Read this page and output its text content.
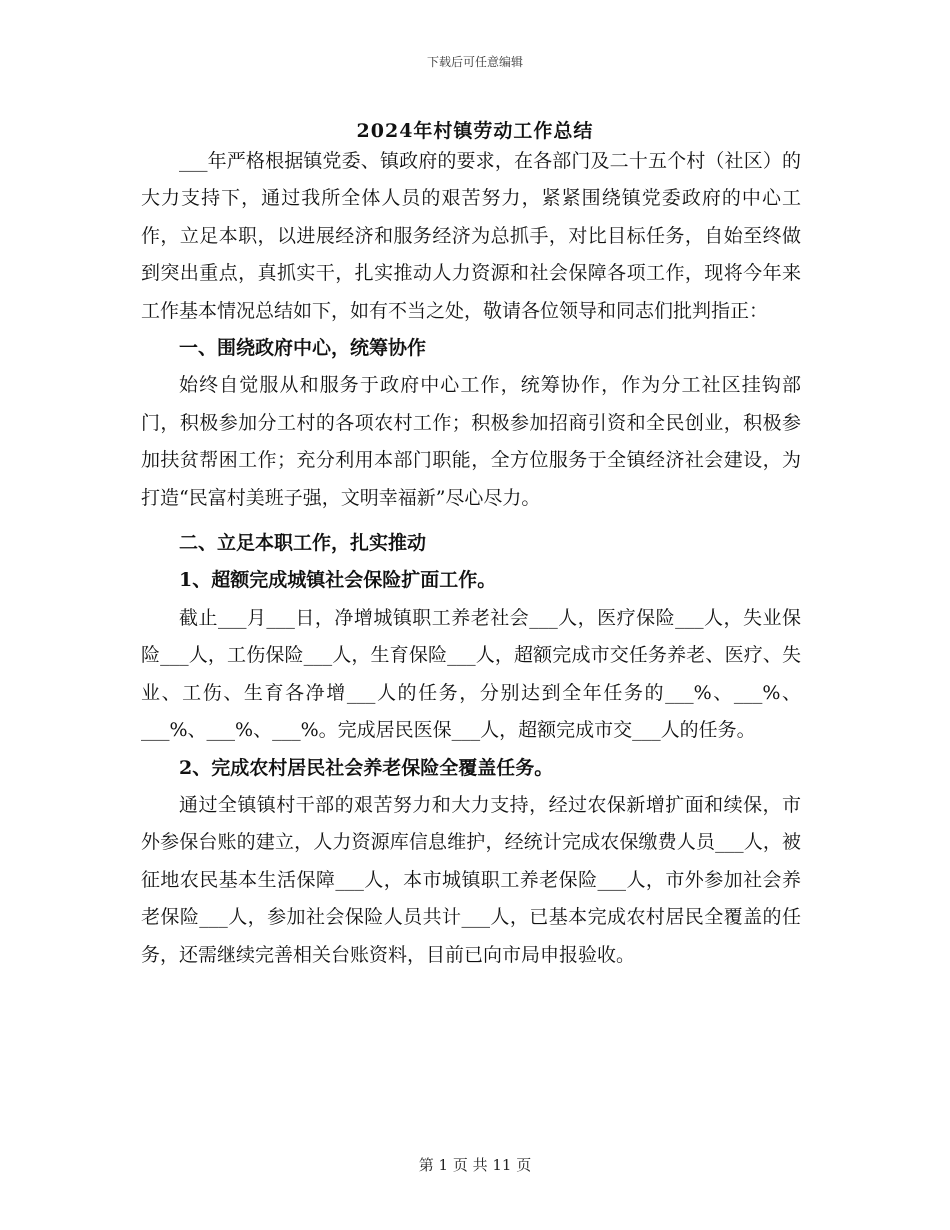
下载后可任意编辑
2024年村镇劳动工作总结

___年严格根据镇党委、镇政府的要求，在各部门及二十五个村（社区）的大力支持下，通过我所全体人员的艰苦努力，紧紧围绕镇党委政府的中心工作，立足本职，以进展经济和服务经济为总抓手，对比目标任务，自始至终做到突出重点，真抓实干，扎实推动人力资源和社会保障各项工作，现将今年来工作基本情况总结如下，如有不当之处，敬请各位领导和同志们批判指正：

一、围绕政府中心，统筹协作

始终自觉服从和服务于政府中心工作，统筹协作，作为分工社区挂钩部门，积极参加分工村的各项农村工作；积极参加招商引资和全民创业，积极参加扶贫帮困工作；充分利用本部门职能，全方位服务于全镇经济社会建设，为打造“民富村美班子强，文明幸福新”尽心尽力。

二、立足本职工作，扎实推动
1、超额完成城镇社会保险扩面工作。

截止___月___日，净增城镇职工养老社会___人，医疗保险___人，失业保险___人，工伤保险___人，生育保险___人，超额完成市交任务养老、医疗、失业、工伤、生育各净增___人的任务，分别达到全年任务的___%、___%、___%、___%、___%。完成居民医保___人，超额完成市交___人的任务。

2、完成农村居民社会养老保险全覆盖任务。

通过全镇镇村干部的艰苦努力和大力支持，经过农保新增扩面和续保，市外参保台账的建立，人力资源库信息维护，经统计完成农保缴费人员___人，被征地农民基本生活保障___人，本市城镇职工养老保险___人，市外参加社会养老保险___人，参加社会保险人员共计___人，已基本完成农村居民全覆盖的任务，还需继续完善相关台账资料，目前已向市局申报验收。

第 1 页 共 11 页
